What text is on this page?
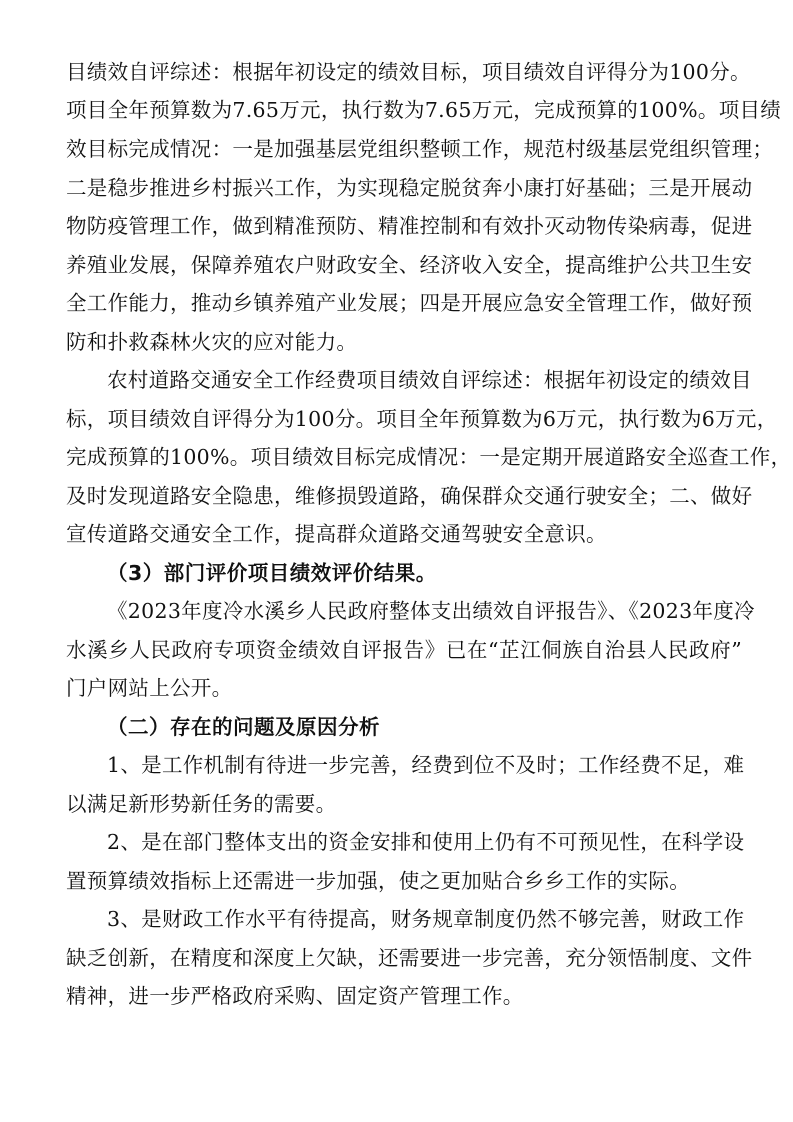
目绩效自评综述：根据年初设定的绩效目标，项目绩效自评得分为100分。
项目全年预算数为7.65万元，执行数为7.65万元，完成预算的100%。项目绩
效目标完成情况：一是加强基层党组织整顿工作，规范村级基层党组织管理；
二是稳步推进乡村振兴工作，为实现稳定脱贫奔小康打好基础；三是开展动
物防疫管理工作，做到精准预防、精准控制和有效扑灭动物传染病毒，促进
养殖业发展，保障养殖农户财政安全、经济收入安全，提高维护公共卫生安
全工作能力，推动乡镇养殖产业发展；四是开展应急安全管理工作，做好预
防和扑救森林火灾的应对能力。
农村道路交通安全工作经费项目绩效自评综述：根据年初设定的绩效目
标，项目绩效自评得分为100分。项目全年预算数为6万元，执行数为6万元，
完成预算的100%。项目绩效目标完成情况：一是定期开展道路安全巡查工作，
及时发现道路安全隐患，维修损毁道路，确保群众交通行驶安全；二、做好
宣传道路交通安全工作，提高群众道路交通驾驶安全意识。
（3）部门评价项目绩效评价结果。
《2023年度冷水溪乡人民政府整体支出绩效自评报告》、《2023年度冷
水溪乡人民政府专项资金绩效自评报告》已在“芷江侗族自治县人民政府”
门户网站上公开。
（二）存在的问题及原因分析
1、是工作机制有待进一步完善，经费到位不及时；工作经费不足，难
以满足新形势新任务的需要。
2、是在部门整体支出的资金安排和使用上仍有不可预见性，在科学设
置预算绩效指标上还需进一步加强，使之更加贴合乡乡工作的实际。
3、是财政工作水平有待提高，财务规章制度仍然不够完善，财政工作
缺乏创新，在精度和深度上欠缺，还需要进一步完善，充分领悟制度、文件
精神，进一步严格政府采购、固定资产管理工作。
